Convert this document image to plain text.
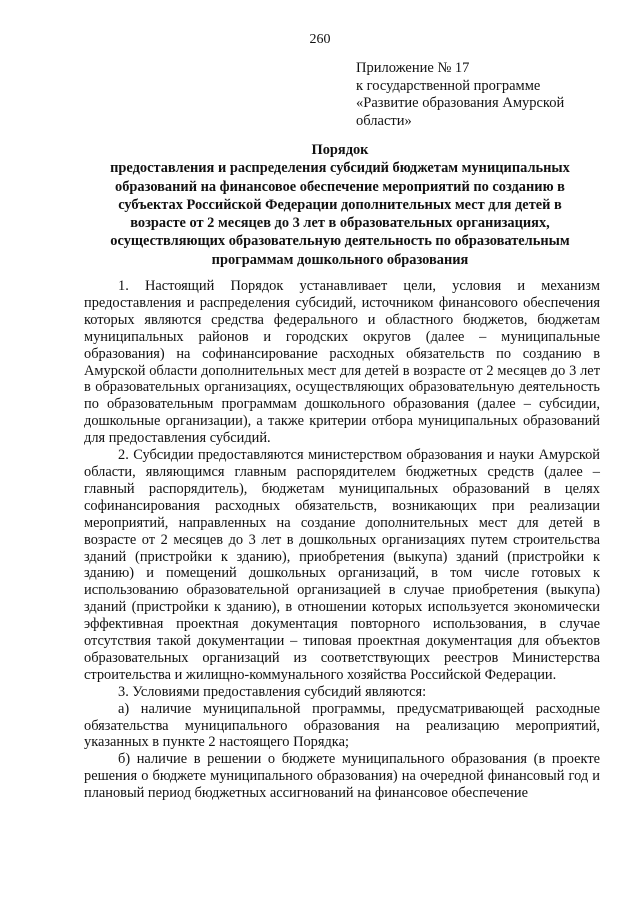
260
Приложение № 17
к государственной программе
«Развитие образования Амурской
области»
Порядок
предоставления и распределения субсидий бюджетам муниципальных
образований на финансовое обеспечение мероприятий по созданию в
субъектах Российской Федерации дополнительных мест для детей в
возрасте от 2 месяцев до 3 лет в образовательных организациях,
осуществляющих образовательную деятельность по образовательным
программам дошкольного образования

1. Настоящий Порядок устанавливает цели, условия и механизм предоставления и распределения субсидий, источником финансового обеспечения которых являются средства федерального и областного бюджетов, бюджетам муниципальных районов и городских округов (далее – муниципальные образования) на софинансирование расходных обязательств по созданию в Амурской области дополнительных мест для детей в возрасте от 2 месяцев до 3 лет в образовательных организациях, осуществляющих образовательную деятельность по образовательным программам дошкольного образования (далее – субсидии, дошкольные организации), а также критерии отбора муниципальных образований для предоставления субсидий.

2. Субсидии предоставляются министерством образования и науки Амурской области, являющимся главным распорядителем бюджетных средств (далее – главный распорядитель), бюджетам муниципальных образований в целях софинансирования расходных обязательств, возникающих при реализации мероприятий, направленных на создание дополнительных мест для детей в возрасте от 2 месяцев до 3 лет в дошкольных организациях путем строительства зданий (пристройки к зданию), приобретения (выкупа) зданий (пристройки к зданию) и помещений дошкольных организаций, в том числе готовых к использованию образовательной организацией в случае приобретения (выкупа) зданий (пристройки к зданию), в отношении которых используется экономически эффективная проектная документация повторного использования, в случае отсутствия такой документации – типовая проектная документация для объектов образовательных организаций из соответствующих реестров Министерства строительства и жилищно-коммунального хозяйства Российской Федерации.

3. Условиями предоставления субсидий являются:

а) наличие муниципальной программы, предусматривающей расходные обязательства муниципального образования на реализацию мероприятий, указанных в пункте 2 настоящего Порядка;

б) наличие в решении о бюджете муниципального образования (в проекте решения о бюджете муниципального образования) на очередной финансовый год и плановый период бюджетных ассигнований на финансовое обеспечение
